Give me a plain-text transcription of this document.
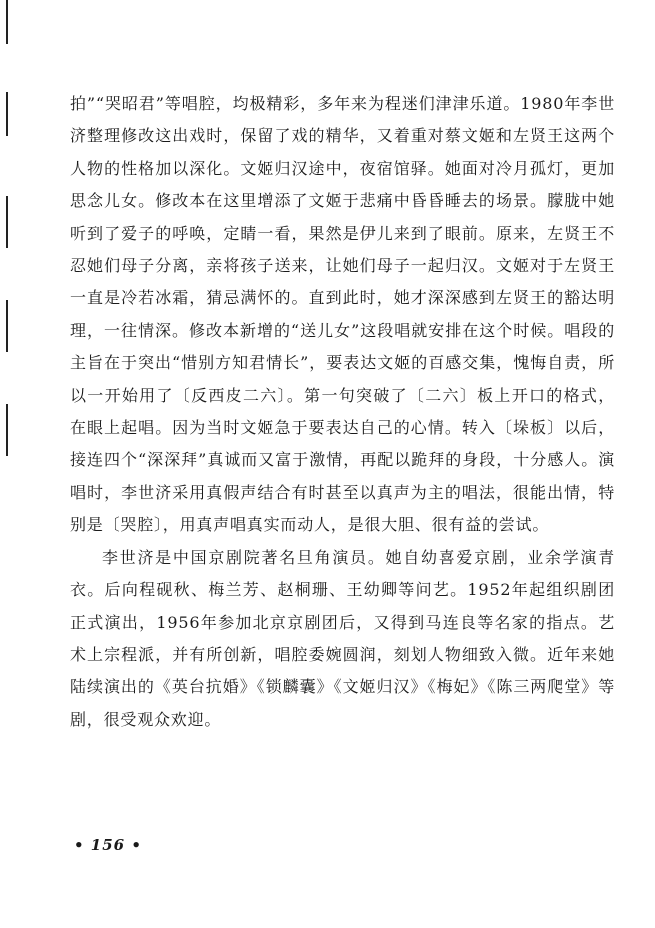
拍”“哭昭君”等唱腔，均极精彩，多年来为程迷们津津乐道。1980年李世济整理修改这出戏时，保留了戏的精华，又着重对蔡文姬和左贤王这两个人物的性格加以深化。文姬归汉途中，夜宿馆驿。她面对冷月孤灯，更加思念儿女。修改本在这里增添了文姬于悲痛中昏昏睡去的场景。朦胧中她听到了爱子的呼唤，定睛一看，果然是伊儿来到了眼前。原来，左贤王不忍她们母子分离，亲将孩子送来，让她们母子一起归汉。文姬对于左贤王一直是冷若冰霜，猜忌满怀的。直到此时，她才深深感到左贤王的豁达明理，一往情深。修改本新增的“送儿女”这段唱就安排在这个时候。唱段的主旨在于突出“惜别方知君情长”，要表达文姬的百感交集，愧悔自责，所以一开始用了〔反西皮二六〕。第一句突破了〔二六〕板上开口的格式，在眼上起唱。因为当时文姬急于要表达自己的心情。转入〔垛板〕以后，接连四个“深深拜”真诚而又富于激情，再配以跪拜的身段，十分感人。演唱时，李世济采用真假声结合有时甚至以真声为主的唱法，很能出情，特别是〔哭腔〕，用真声唱真实而动人，是很大胆、很有益的尝试。

李世济是中国京剧院著名旦角演员。她自幼喜爱京剧，业余学演青衣。后向程砚秋、梅兰芳、赵桐珊、王幼卿等问艺。1952年起组织剧团正式演出，1956年参加北京京剧团后，又得到马连良等名家的指点。艺术上宗程派，并有所创新，唱腔委婉圆润，刻划人物细致入微。近年来她陆续演出的《英台抗婚》《锁麟囊》《文姬归汉》《梅妃》《陈三两爬堂》等剧，很受观众欢迎。

• 156 •
